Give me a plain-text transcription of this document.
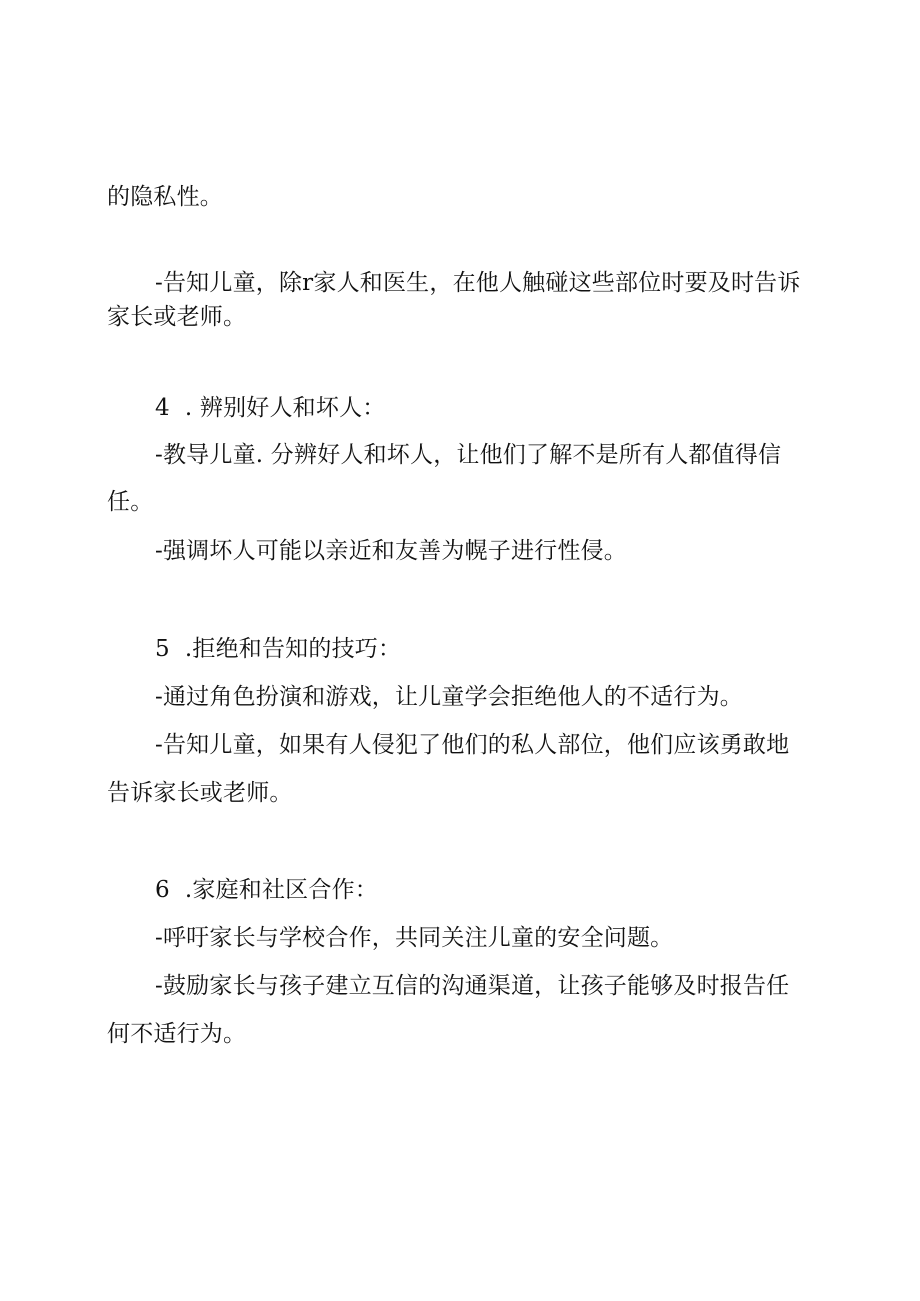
的隐私性。
-告知儿童，除r家人和医生，在他人触碰这些部位时要及时告诉
家长或老师。
4  . 辨别好人和坏人：
-教导儿童. 分辨好人和坏人，让他们了解不是所有人都值得信
任。
-强调坏人可能以亲近和友善为幌子进行性侵。
5  .拒绝和告知的技巧：
-通过角色扮演和游戏，让儿童学会拒绝他人的不适行为。
-告知儿童，如果有人侵犯了他们的私人部位，他们应该勇敢地
告诉家长或老师。
6  .家庭和社区合作：
-呼吁家长与学校合作，共同关注儿童的安全问题。
-鼓励家长与孩子建立互信的沟通渠道，让孩子能够及时报告任
何不适行为。
